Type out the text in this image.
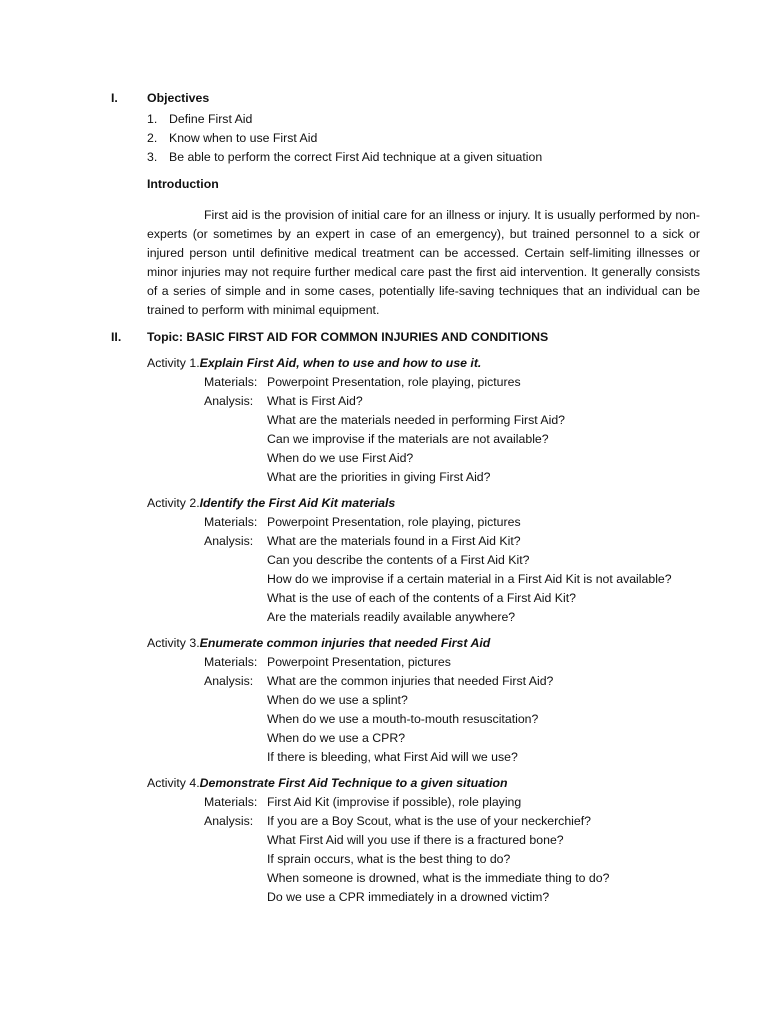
I. Objectives
1. Define First Aid
2. Know when to use First Aid
3. Be able to perform the correct First Aid technique at a given situation
Introduction

First aid is the provision of initial care for an illness or injury. It is usually performed by non-experts (or sometimes by an expert in case of an emergency), but trained personnel to a sick or injured person until definitive medical treatment can be accessed. Certain self-limiting illnesses or minor injuries may not require further medical care past the first aid intervention. It generally consists of a series of simple and in some cases, potentially life-saving techniques that an individual can be trained to perform with minimal equipment.

II. Topic: BASIC FIRST AID FOR COMMON INJURIES AND CONDITIONS
Activity 1.Explain First Aid, when to use and how to use it.
Materials: Powerpoint Presentation, role playing, pictures
Analysis:	What is First Aid?
What are the materials needed in performing First Aid?
Can we improvise if the materials are not available?
When do we use First Aid?
What are the priorities in giving First Aid?
Activity 2.Identify the First Aid Kit materials
Materials: Powerpoint Presentation, role playing, pictures
Analysis:	What are the materials found in a First Aid Kit?
Can you describe the contents of a First Aid Kit?
How do we improvise if a certain material in a First Aid Kit is not available?
What is the use of each of the contents of a First Aid Kit?
Are the materials readily available anywhere?
Activity 3.Enumerate common injuries that needed First Aid
Materials: Powerpoint Presentation, pictures
Analysis:	What are the common injuries that needed First Aid?
When do we use a splint?
When do we use a mouth-to-mouth resuscitation?
When do we use a CPR?
If there is bleeding, what First Aid will we use?
Activity 4.Demonstrate First Aid Technique to a given situation
Materials: First Aid Kit (improvise if possible), role playing
Analysis:	If you are a Boy Scout, what is the use of your neckerchief?
What First Aid will you use if there is a fractured bone?
If sprain occurs, what is the best thing to do?
When someone is drowned, what is the immediate thing to do?
Do we use a CPR immediately in a drowned victim?
